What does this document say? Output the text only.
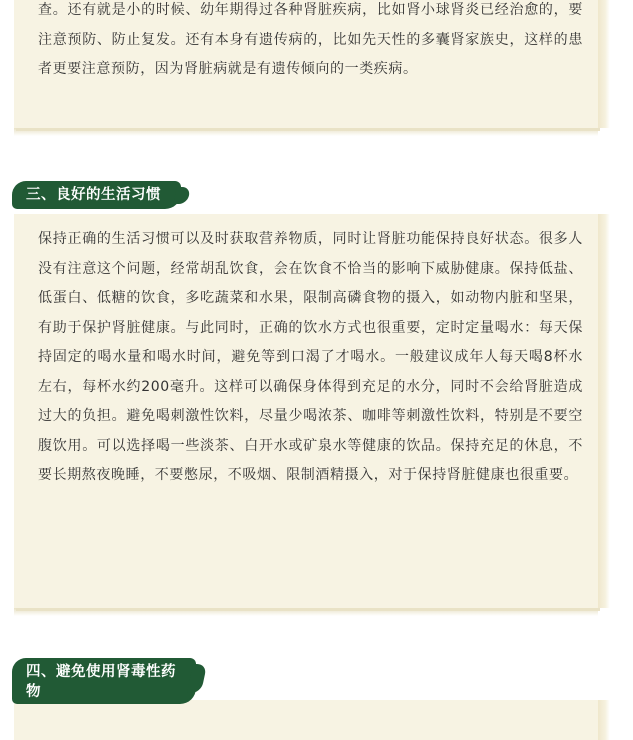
查。还有就是小的时候、幼年期得过各种肾脏疾病，比如肾小球肾炎已经治愈的，要注意预防、防止复发。还有本身有遗传病的，比如先天性的多囊肾家族史，这样的患者更要注意预防，因为肾脏病就是有遗传倾向的一类疾病。

三、良好的生活习惯

保持正确的生活习惯可以及时获取营养物质，同时让肾脏功能保持良好状态。很多人没有注意这个问题，经常胡乱饮食，会在饮食不恰当的影响下威胁健康。保持低盐、低蛋白、低糖的饮食，多吃蔬菜和水果，限制高磷食物的摄入，如动物内脏和坚果，有助于保护肾脏健康。与此同时，正确的饮水方式也很重要，定时定量喝水：每天保持固定的喝水量和喝水时间，避免等到口渴了才喝水。一般建议成年人每天喝8杯水左右，每杯水约200毫升。这样可以确保身体得到充足的水分，同时不会给肾脏造成过大的负担。避免喝刺激性饮料，尽量少喝浓茶、咖啡等刺激性饮料，特别是不要空腹饮用。可以选择喝一些淡茶、白开水或矿泉水等健康的饮品。保持充足的休息，不要长期熬夜晚睡，不要憋尿，不吸烟、限制酒精摄入，对于保持肾脏健康也很重要。

四、避免使用肾毒性药
物
